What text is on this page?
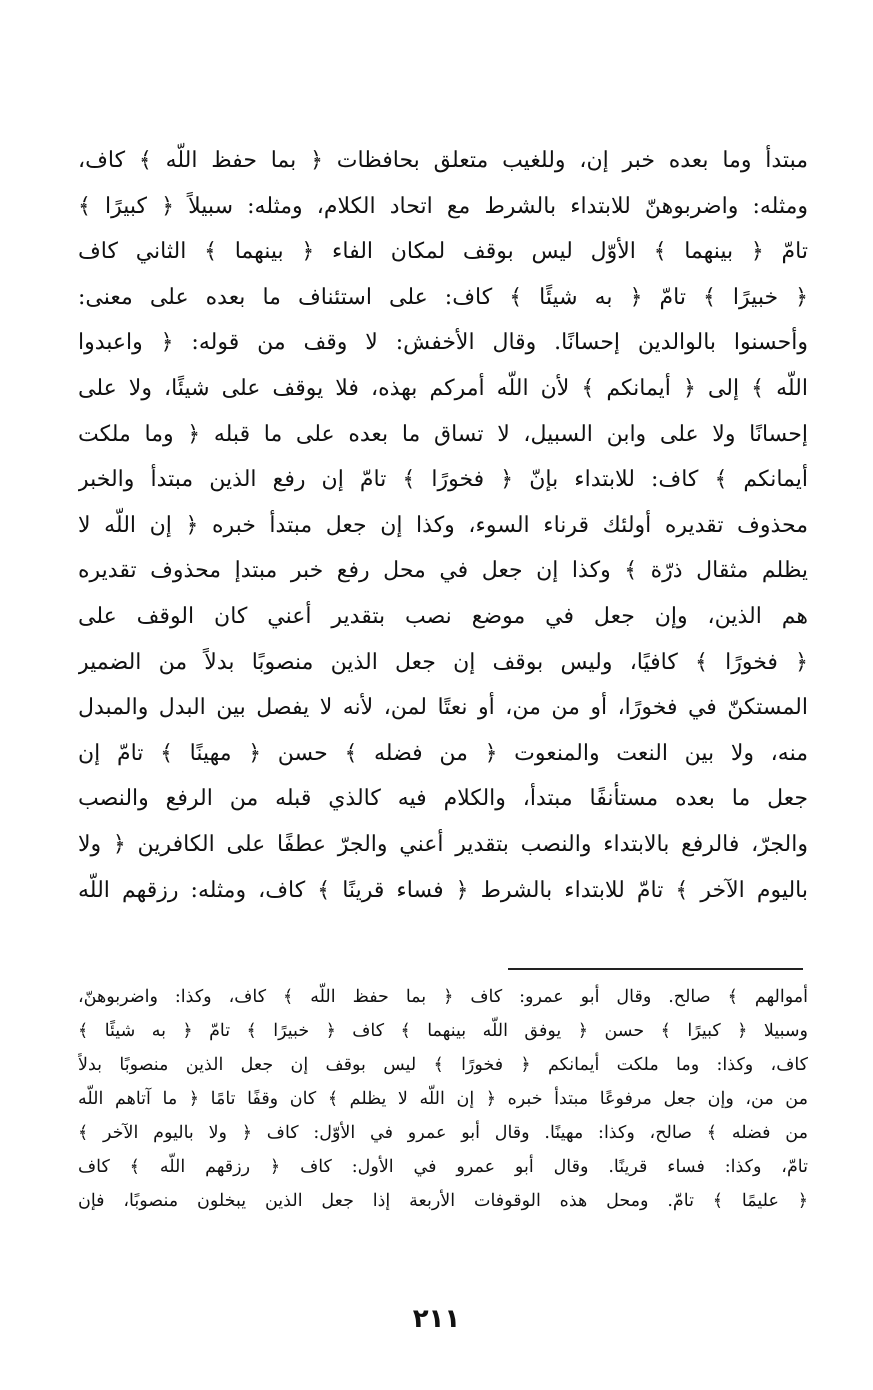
مبتدأ وما بعده خبر إن، وللغيب متعلق بحافظات ﴿ بما حفظ اللّه ﴾ كاف،
ومثله: واضربوهنّ للابتداء بالشرط مع اتحاد الكلام، ومثله: سبيلاً ﴿ كبيرًا ﴾
تامّ ﴿ بينهما ﴾ الأوّل ليس بوقف لمكان الفاء ﴿ بينهما ﴾ الثاني كاف
﴿ خبيرًا ﴾ تامّ ﴿ به شيئًا ﴾ كاف: على استئناف ما بعده على معنى:
وأحسنوا بالوالدين إحسانًا. وقال الأخفش: لا وقف من قوله: ﴿ واعبدوا
اللّه ﴾ إلى ﴿ أيمانكم ﴾ لأن اللّه أمركم بهذه، فلا يوقف على شيئًا، ولا على
إحسانًا ولا على وابن السبيل، لا تساق ما بعده على ما قبله ﴿ وما ملكت
أيمانكم ﴾ كاف: للابتداء بإنّ ﴿ فخورًا ﴾ تامّ إن رفع الذين مبتدأ والخبر
محذوف تقديره أولئك قرناء السوء، وكذا إن جعل مبتدأ خبره ﴿ إن اللّه لا
يظلم مثقال ذرّة ﴾ وكذا إن جعل في محل رفع خبر مبتدإ محذوف تقديره
هم الذين، وإن جعل في موضع نصب بتقدير أعني كان الوقف على
﴿ فخورًا ﴾ كافيًا، وليس بوقف إن جعل الذين منصوبًا بدلاً من الضمير
المستكنّ في فخورًا، أو من من، أو نعتًا لمن، لأنه لا يفصل بين البدل والمبدل
منه، ولا بين النعت والمنعوت ﴿ من فضله ﴾ حسن ﴿ مهينًا ﴾ تامّ إن
جعل ما بعده مستأنفًا مبتدأ، والكلام فيه كالذي قبله من الرفع والنصب
والجرّ، فالرفع بالابتداء والنصب بتقدير أعني والجرّ عطفًا على الكافرين ﴿ ولا
باليوم الآخر ﴾ تامّ للابتداء بالشرط ﴿ فساء قرينًا ﴾ كاف، ومثله: رزقهم اللّه
أموالهم ﴾ صالح. وقال أبو عمرو: كاف ﴿ بما حفظ اللّه ﴾ كاف، وكذا: واضربوهنّ،
وسبيلا ﴿ كبيرًا ﴾ حسن ﴿ يوفق اللّه بينهما ﴾ كاف ﴿ خبيرًا ﴾ تامّ ﴿ به شيئًا ﴾
كاف، وكذا: وما ملكت أيمانكم ﴿ فخورًا ﴾ ليس بوقف إن جعل الذين منصوبًا بدلاً
من من، وإن جعل مرفوعًا مبتدأ خبره ﴿ إن اللّه لا يظلم ﴾ كان وقفًا تامًا ﴿ ما آتاهم اللّه
من فضله ﴾ صالح، وكذا: مهينًا. وقال أبو عمرو في الأوّل: كاف ﴿ ولا باليوم الآخر ﴾
تامّ، وكذا: فساء قرينًا. وقال أبو عمرو في الأول: كاف ﴿ رزقهم اللّه ﴾ كاف
﴿ عليمًا ﴾ تامّ. ومحل هذه الوقوفات الأربعة إذا جعل الذين يبخلون منصوبًا، فإن
٢١١
